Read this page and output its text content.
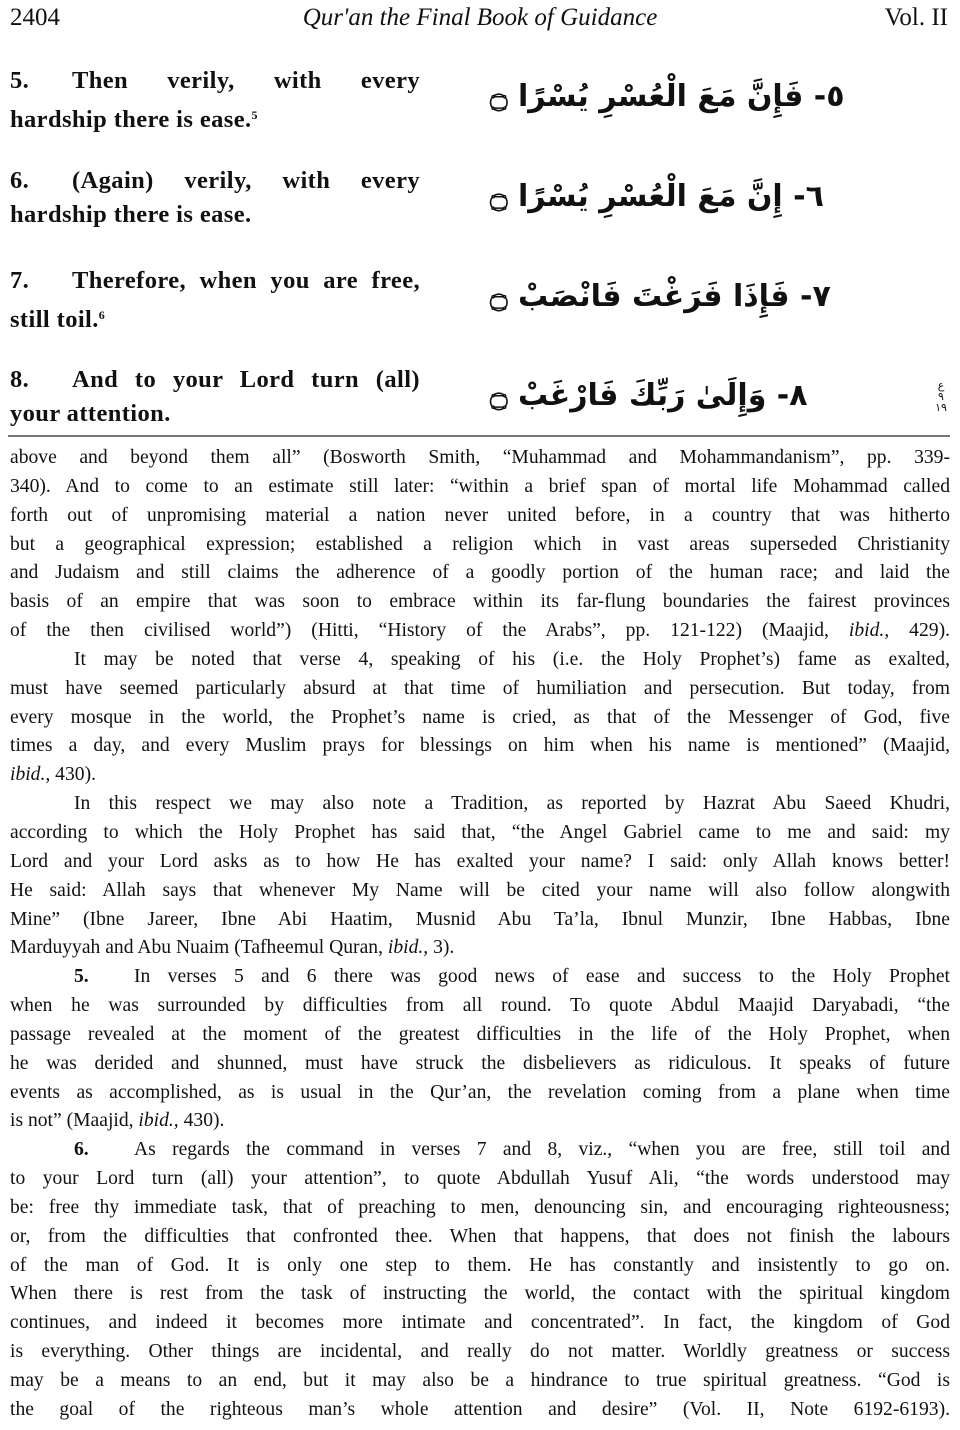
2404	Qur'an the Final Book of Guidance	Vol. II
5. Then verily, with every hardship there is ease.$^5$
٥- فَإِنَّ مَعَ الْعُسْرِ يُسْرًا ۝
6. (Again) verily, with every hardship there is ease.
٦- إِنَّ مَعَ الْعُسْرِ يُسْرًا ۝
7. Therefore, when you are free, still toil.$^6$
٧- فَإِذَا فَرَغْتَ فَانْصَبْ ۝
8. And to your Lord turn (all) your attention.
٨- وَإِلَىٰ رَبِّكَ فَارْغَبْ ۝	ع ٩ ١٩
above and beyond them all” (Bosworth Smith, “Muhammad and Mohammandanism”, pp. 339-
340). And to come to an estimate still later: “within a brief span of mortal life Mohammad called
forth out of unpromising material a nation never united before, in a country that was hitherto
but a geographical expression; established a religion which in vast areas superseded Christianity
and Judaism and still claims the adherence of a goodly portion of the human race; and laid the
basis of an empire that was soon to embrace within its far-flung boundaries the fairest provinces
of the then civilised world”) (Hitti, “History of the Arabs”, pp. 121-122) (Maajid, ibid., 429).
It may be noted that verse 4, speaking of his (i.e. the Holy Prophet’s) fame as exalted,
must have seemed particularly absurd at that time of humiliation and persecution. But today, from
every mosque in the world, the Prophet’s name is cried, as that of the Messenger of God, five
times a day, and every Muslim prays for blessings on him when his name is mentioned” (Maajid,
ibid., 430).
In this respect we may also note a Tradition, as reported by Hazrat Abu Saeed Khudri,
according to which the Holy Prophet has said that, “the Angel Gabriel came to me and said: my
Lord and your Lord asks as to how He has exalted your name? I said: only Allah knows better!
He said: Allah says that whenever My Name will be cited your name will also follow alongwith
Mine” (Ibne Jareer, Ibne Abi Haatim, Musnid Abu Ta’la, Ibnul Munzir, Ibne Habbas, Ibne
Marduyyah and Abu Nuaim (Tafheemul Quran, ibid., 3).
5. In verses 5 and 6 there was good news of ease and success to the Holy Prophet
when he was surrounded by difficulties from all round. To quote Abdul Maajid Daryabadi, “the
passage revealed at the moment of the greatest difficulties in the life of the Holy Prophet, when
he was derided and shunned, must have struck the disbelievers as ridiculous. It speaks of future
events as accomplished, as is usual in the Qur’an, the revelation coming from a plane when time
is not” (Maajid, ibid., 430).
6. As regards the command in verses 7 and 8, viz., “when you are free, still toil and
to your Lord turn (all) your attention”, to quote Abdullah Yusuf Ali, “the words understood may
be: free thy immediate task, that of preaching to men, denouncing sin, and encouraging righteousness;
or, from the difficulties that confronted thee. When that happens, that does not finish the labours
of the man of God. It is only one step to them. He has constantly and insistently to go on.
When there is rest from the task of instructing the world, the contact with the spiritual kingdom
continues, and indeed it becomes more intimate and concentrated”. In fact, the kingdom of God
is everything. Other things are incidental, and really do not matter. Worldly greatness or success
may be a means to an end, but it may also be a hindrance to true spiritual greatness. “God is
the goal of the righteous man’s whole attention and desire” (Vol. II, Note 6192-6193).
